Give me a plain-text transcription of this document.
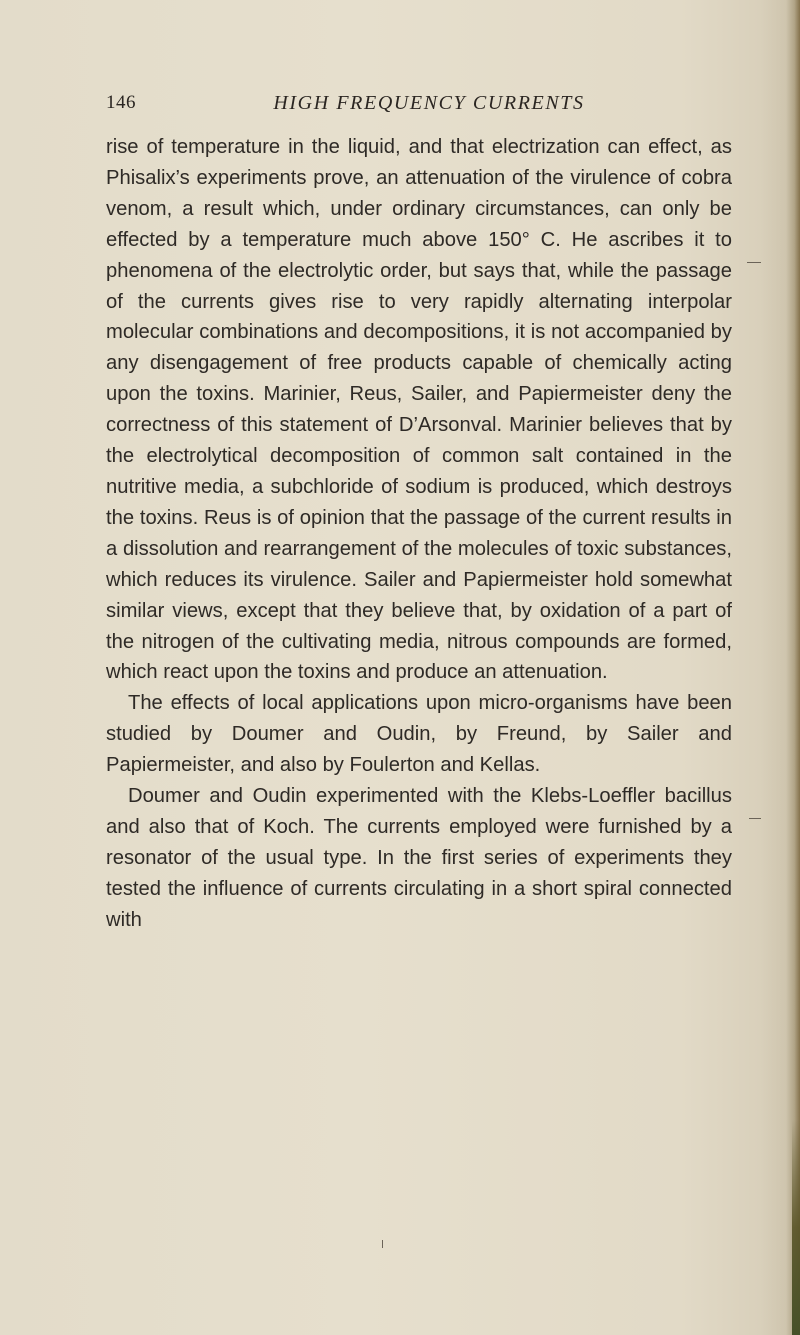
146	HIGH FREQUENCY CURRENTS

rise of temperature in the liquid, and that electrization can effect, as Phisalix’s experiments prove, an attenuation of the virulence of cobra venom, a result which, under ordinary circumstances, can only be effected by a temperature much above 150° C. He ascribes it to phenomena of the electrolytic order, but says that, while the passage of the currents gives rise to very rapidly alternating interpolar molecular combinations and decompositions, it is not accompanied by any disengagement of free products capable of chemically acting upon the toxins. Marinier, Reus, Sailer, and Papiermeister deny the correctness of this statement of D’Arsonval. Marinier believes that by the electrolytical decomposition of common salt contained in the nutritive media, a subchloride of sodium is produced, which destroys the toxins. Reus is of opinion that the passage of the current results in a dissolution and rearrangement of the molecules of toxic substances, which reduces its virulence. Sailer and Papiermeister hold somewhat similar views, except that they believe that, by oxidation of a part of the nitrogen of the cultivating media, nitrous compounds are formed, which react upon the toxins and produce an attenuation.

The effects of local applications upon micro-organisms have been studied by Doumer and Oudin, by Freund, by Sailer and Papiermeister, and also by Foulerton and Kellas.

Doumer and Oudin experimented with the Klebs-Loeffler bacillus and also that of Koch. The currents employed were furnished by a resonator of the usual type. In the first series of experiments they tested the influence of currents circulating in a short spiral connected with
